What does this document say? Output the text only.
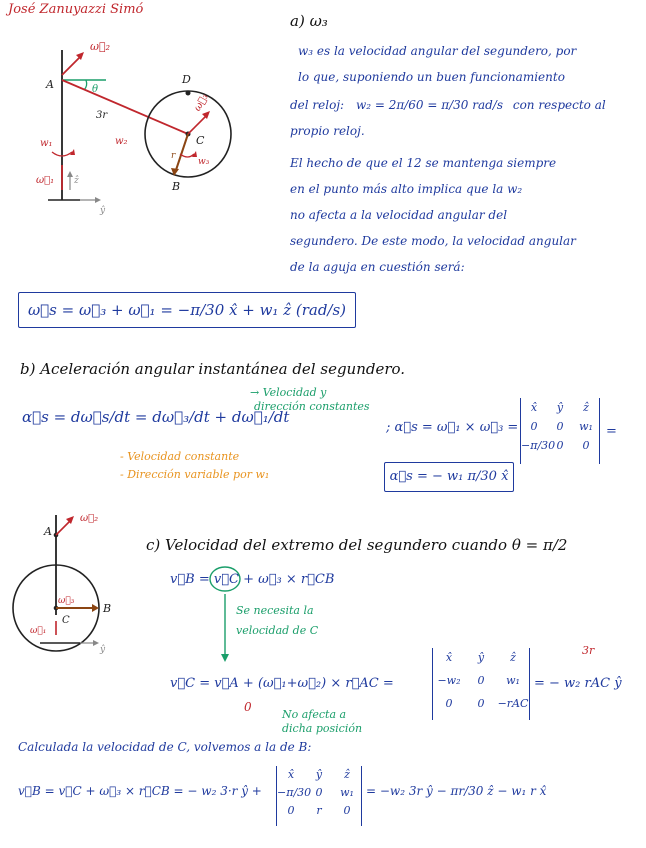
José Zanuyazzi Simó
ω⃗₂
A	θ
3r
w₂
D
C
ω⃗₃
r
w₃
B
w₁
ω⃗₁ ẑ
ŷ
a) ω₃
w₃ es la velocidad angular del segundero, por
lo que, suponiendo un buen funcionamiento
del reloj: w₂ = 2π/60 = π/30 rad/s con respecto al
propio reloj.
El hecho de que el 12 se mantenga siempre
en el punto más alto implica que la w₂
no afecta a la velocidad angular del
segundero. De este modo, la velocidad angular
de la aguja en cuestión será:
ω⃗s = ω⃗₃ + ω⃗₁ = −π/30 x̂ + w₁ ẑ (rad/s)
b) Aceleración angular instantánea del segundero.
α⃗s = dω⃗s/dt = dω⃗₃/dt + dω⃗₁/dt
→ Velocidad y
dirección constantes
- Velocidad constante
- Dirección variable por w₁
; α⃗s = ω⃗₁ × ω⃗₃ =
x̂	ŷ	ẑ
0	0	w₁
−π/30 0	0
=
α⃗s = − w₁ π/30 x̂
A
ω⃗₂
C
B
ω⃗₁
ω⃗₃
ŷ
c) Velocidad del extremo del segundero cuando θ = π/2
v⃗B = v⃗C + ω⃗₃ × r⃗CB
Se necesita la
velocidad de C
v⃗C = v⃗A + (ω⃗₁+ω⃗₂) × r⃗AC =
0
No afecta a
dicha posición
x̂	ŷ	ẑ
−w₂	0	w₁
0	0	−rAC
3r
= − w₂ rAC ŷ
Calculada la velocidad de C, volvemos a la de B:
v⃗B = v⃗C + ω⃗₃ × r⃗CB = − w₂ 3·r ŷ +
x̂	ŷ	ẑ
−π/30 0	w₁
0	r	0
= −w₂ 3r ŷ − πr/30 ẑ − w₁ r x̂
